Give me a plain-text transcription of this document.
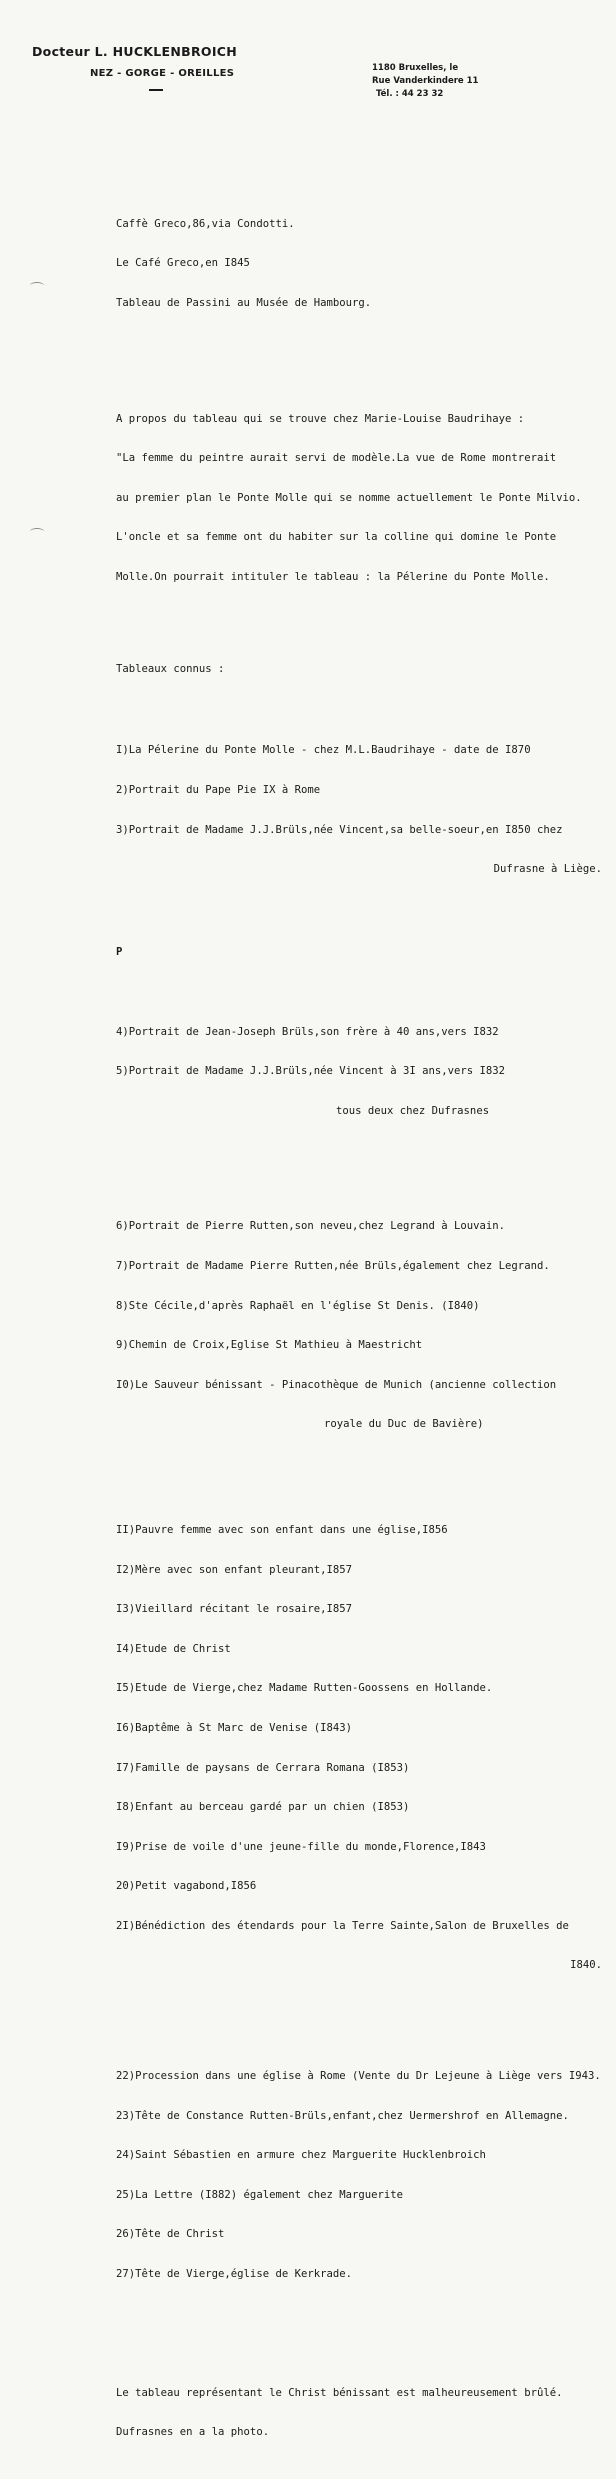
Docteur L. HUCKLENBROICH
NEZ - GORGE - OREILLES	1180 Bruxelles, le
Rue Vanderkindere 11
Tél. : 44 23 32

Caffè Greco,86,via Condotti.

Le Café Greco,en I845

Tableau de Passini au Musée de Hambourg.

A propos du tableau qui se trouve chez Marie-Louise Baudrihaye :

"La femme du peintre aurait servi de modèle.La vue de Rome montrerait

au premier plan le Ponte Molle qui se nomme actuellement le Ponte Milvio.

L'oncle et sa femme ont du habiter sur la colline qui domine le Ponte

Molle.On pourrait intituler le tableau : la Pélerine du Ponte Molle.

Tableaux connus :

I)La Pélerine du Ponte Molle - chez M.L.Baudrihaye - date de I870

2)Portrait du Pape Pie IX à Rome

3)Portrait de Madame J.J.Brüls,née Vincent,sa belle-soeur,en I850 chez

Dufrasne à Liège.

P

4)Portrait de Jean-Joseph Brüls,son frère à 40 ans,vers I832

5)Portrait de Madame J.J.Brüls,née Vincent à 3I ans,vers I832

tous deux chez Dufrasnes

6)Portrait de Pierre Rutten,son neveu,chez Legrand à Louvain.

7)Portrait de Madame Pierre Rutten,née Brüls,également chez Legrand.

8)Ste Cécile,d'après Raphaël en l'église St Denis. (I840)

9)Chemin de Croix,Eglise St Mathieu à Maestricht

I0)Le Sauveur bénissant - Pinacothèque de Munich (ancienne collection

royale du Duc de Bavière)

II)Pauvre femme avec son enfant dans une église,I856

I2)Mère avec son enfant pleurant,I857

I3)Vieillard récitant le rosaire,I857

I4)Etude de Christ

I5)Etude de Vierge,chez Madame Rutten-Goossens en Hollande.

I6)Baptême à St Marc de Venise (I843)

I7)Famille de paysans de Cerrara Romana (I853)

I8)Enfant au berceau gardé par un chien (I853)

I9)Prise de voile d'une jeune-fille du monde,Florence,I843

20)Petit vagabond,I856

2I)Bénédiction des étendards pour la Terre Sainte,Salon de Bruxelles de

I840.

22)Procession dans une église à Rome (Vente du Dr Lejeune à Liège vers I943.

23)Tête de Constance Rutten-Brüls,enfant,chez Uermershrof en Allemagne.

24)Saint Sébastien en armure chez Marguerite Hucklenbroich

25)La Lettre (I882) également chez Marguerite

26)Tête de Christ

27)Tête de Vierge,église de Kerkrade.

Le tableau représentant le Christ bénissant est malheureusement brûlé.

Dufrasnes en a la photo.
